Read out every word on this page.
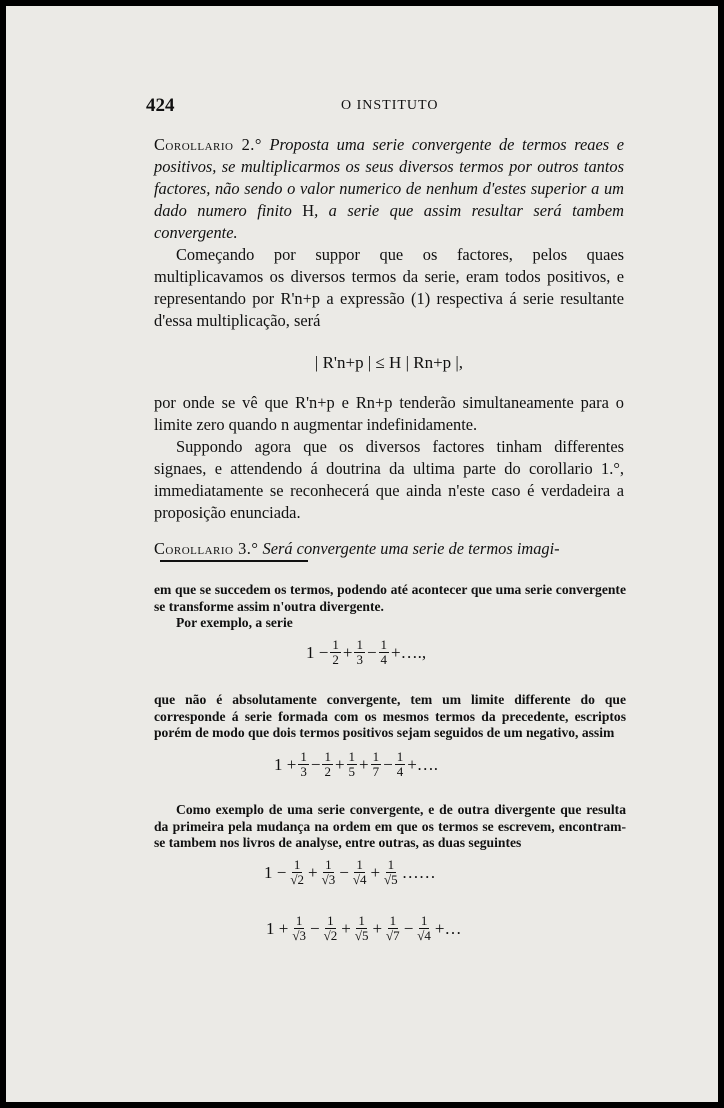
424	O INSTITUTO

Corollario 2.° Proposta uma serie convergente de termos reaes e positivos, se multiplicarmos os seus diversos termos por outros tantos factores, não sendo o valor numerico de nenhum d'estes superior a um dado numero finito H, a serie que assim resultar será tambem convergente.

Começando por suppor que os factores, pelos quaes multiplicavamos os diversos termos da serie, eram todos positivos, e representando por R'n+p a expressão (1) respectiva á serie resultante d'essa multiplicação, será

| R'n+p | ≤ H | Rn+p |,

por onde se vê que R'n+p e Rn+p tenderão simultaneamente para o limite zero quando n augmentar indefinidamente.

Suppondo agora que os diversos factores tinham differentes signaes, e attendendo á doutrina da ultima parte do corollario 1.°, immediatamente se reconhecerá que ainda n'este caso é verdadeira a proposição enunciada.

Corollario 3.° Será convergente uma serie de termos imagi-

em que se succedem os termos, podendo até acontecer que uma serie convergente se transforme assim n'outra divergente.

Por exemplo, a serie

$1 - \frac{1}{2} + \frac{1}{3} - \frac{1}{4}$ +…. ,

que não é absolutamente convergente, tem um limite differente do que corresponde á serie formada com os mesmos termos da precedente, escriptos porém de modo que dois termos positivos sejam seguidos de um negativo, assim

$1 + \frac{1}{3} - \frac{1}{2} + \frac{1}{5} + \frac{1}{7} - \frac{1}{4}$ +….

Como exemplo de uma serie convergente, e de outra divergente que resulta da primeira pela mudança na ordem em que os termos se escrevem, encontram-se tambem nos livros de analyse, entre outras, as duas seguintes

$1 - \frac{1}{√2} + \frac{1}{√3} - \frac{1}{√4} + \frac{1}{√5}$ ……
$1 + \frac{1}{√3} - \frac{1}{√2} + \frac{1}{√5} + \frac{1}{√7} - \frac{1}{√4}$ +…
